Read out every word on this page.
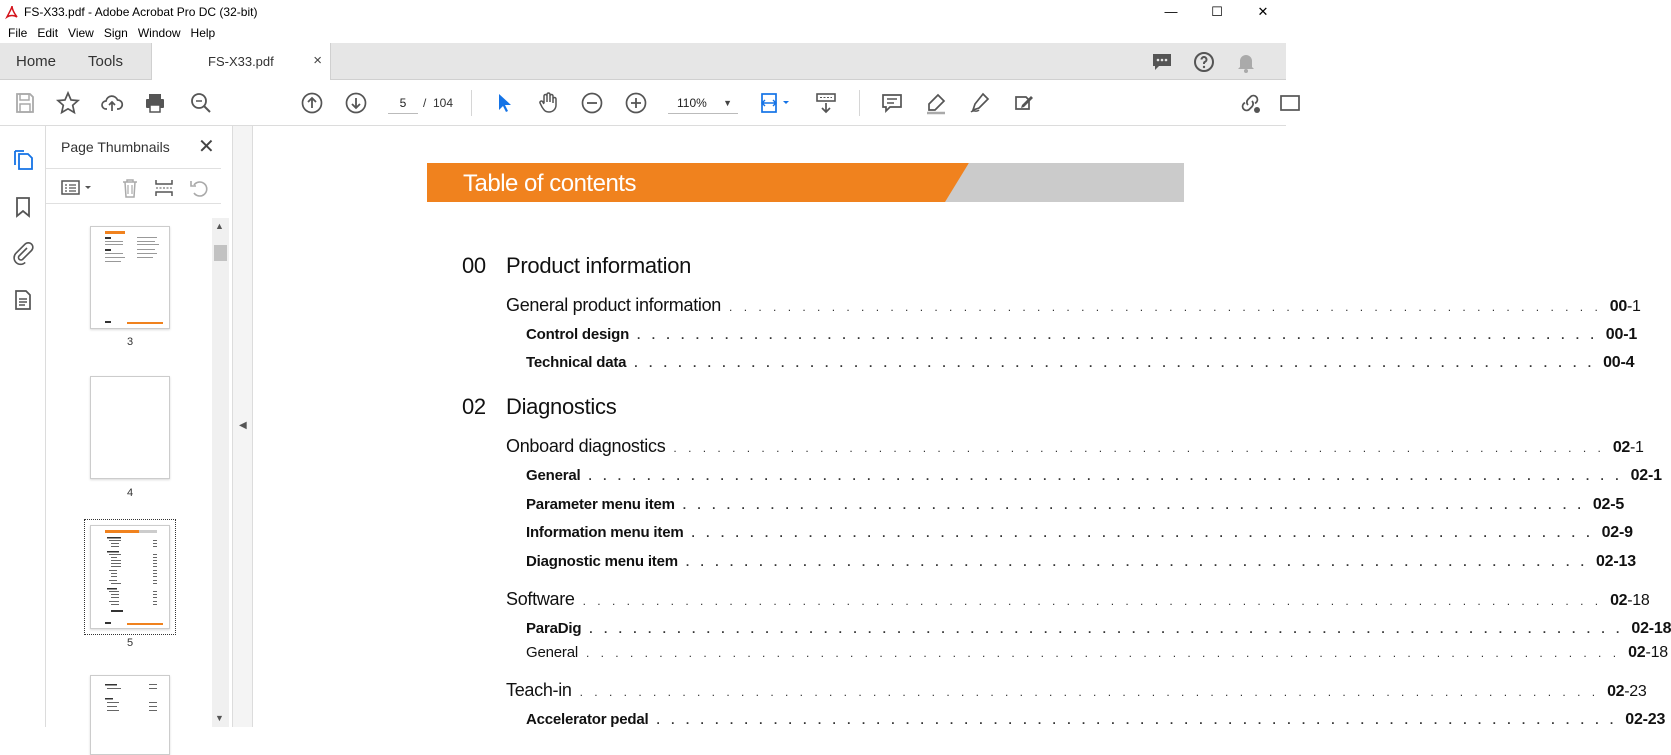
FS-X33.pdf - Adobe Acrobat Pro DC (32-bit)	—	☐	✕
File Edit View Sign Window Help
Home Tools	FS-X33.pdf	×
5	/ 104	110% ▼
Page Thumbnails ✕
3
4
5
▲
▼
◀
Table of contents
00 Product information
General product information . . . . . . . . . . . . . . . . . . . . . . . . . . . . . . . . . . . . . . . . . . . . . . . . . . . . . . . . . . . . 00-1
Control design . . . . . . . . . . . . . . . . . . . . . . . . . . . . . . . . . . . . . . . . . . . . . . . . . . . . . . . . . . . . . . . . . . 00-1
Technical data . . . . . . . . . . . . . . . . . . . . . . . . . . . . . . . . . . . . . . . . . . . . . . . . . . . . . . . . . . . . . . . . . . 00-4
02 Diagnostics
Onboard diagnostics . . . . . . . . . . . . . . . . . . . . . . . . . . . . . . . . . . . . . . . . . . . . . . . . . . . . . . . . . . . . . . . . 02-1
General . . . . . . . . . . . . . . . . . . . . . . . . . . . . . . . . . . . . . . . . . . . . . . . . . . . . . . . . . . . . . . . . . . . . . . . 02-1
Parameter menu item . . . . . . . . . . . . . . . . . . . . . . . . . . . . . . . . . . . . . . . . . . . . . . . . . . . . . . . . . . . . . . 02-5
Information menu item . . . . . . . . . . . . . . . . . . . . . . . . . . . . . . . . . . . . . . . . . . . . . . . . . . . . . . . . . . . . . . 02-9
Diagnostic menu item . . . . . . . . . . . . . . . . . . . . . . . . . . . . . . . . . . . . . . . . . . . . . . . . . . . . . . . . . . . . . . 02-13
Software . . . . . . . . . . . . . . . . . . . . . . . . . . . . . . . . . . . . . . . . . . . . . . . . . . . . . . . . . . . . . . . . . . . . . . 02-18
ParaDig . . . . . . . . . . . . . . . . . . . . . . . . . . . . . . . . . . . . . . . . . . . . . . . . . . . . . . . . . . . . . . . . . . . . . . . 02-18
General . . . . . . . . . . . . . . . . . . . . . . . . . . . . . . . . . . . . . . . . . . . . . . . . . . . . . . . . . . . . . . . . . . . . . . . 02-18
Teach-in . . . . . . . . . . . . . . . . . . . . . . . . . . . . . . . . . . . . . . . . . . . . . . . . . . . . . . . . . . . . . . . . . . . . . . 02-23
Accelerator pedal . . . . . . . . . . . . . . . . . . . . . . . . . . . . . . . . . . . . . . . . . . . . . . . . . . . . . . . . . . . . . . . . . . 02-23
